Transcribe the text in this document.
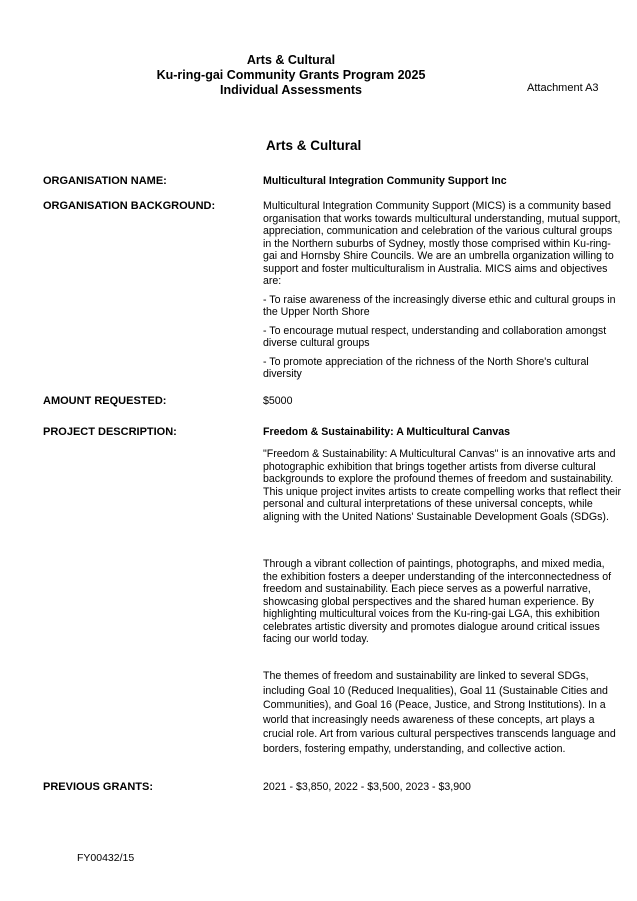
Arts & Cultural
Ku-ring-gai Community Grants Program 2025
Individual Assessments	Attachment A3
Arts & Cultural
ORGANISATION NAME:	Multicultural Integration Community Support Inc
ORGANISATION BACKGROUND:	Multicultural Integration Community Support (MICS) is a community based organisation that works towards multicultural understanding, mutual support, appreciation, communication and celebration of the various cultural groups in the Northern suburbs of Sydney, mostly those comprised within Ku-ring-gai and Hornsby Shire Councils. We are an umbrella organization willing to support and foster multiculturalism in Australia. MICS aims and objectives are:

- To raise awareness of the increasingly diverse ethic and cultural groups in the Upper North Shore

- To encourage mutual respect, understanding and collaboration amongst diverse cultural groups

- To promote appreciation of the richness of the North Shore's cultural diversity

AMOUNT REQUESTED:	$5000
PROJECT DESCRIPTION:	Freedom & Sustainability: A Multicultural Canvas
"Freedom & Sustainability: A Multicultural Canvas" is an innovative arts and photographic exhibition that brings together artists from diverse cultural backgrounds to explore the profound themes of freedom and sustainability. This unique project invites artists to create compelling works that reflect their personal and cultural interpretations of these universal concepts, while aligning with the United Nations' Sustainable Development Goals (SDGs).
Through a vibrant collection of paintings, photographs, and mixed media, the exhibition fosters a deeper understanding of the interconnectedness of freedom and sustainability. Each piece serves as a powerful narrative, showcasing global perspectives and the shared human experience. By highlighting multicultural voices from the Ku-ring-gai LGA, this exhibition celebrates artistic diversity and promotes dialogue around critical issues facing our world today.
The themes of freedom and sustainability are linked to several SDGs, including Goal 10 (Reduced Inequalities), Goal 11 (Sustainable Cities and Communities), and Goal 16 (Peace, Justice, and Strong Institutions). In a world that increasingly needs awareness of these concepts, art plays a crucial role. Art from various cultural perspectives transcends language and borders, fostering empathy, understanding, and collective action.
PREVIOUS GRANTS:	2021 - $3,850, 2022 - $3,500, 2023 - $3,900
FY00432/15
